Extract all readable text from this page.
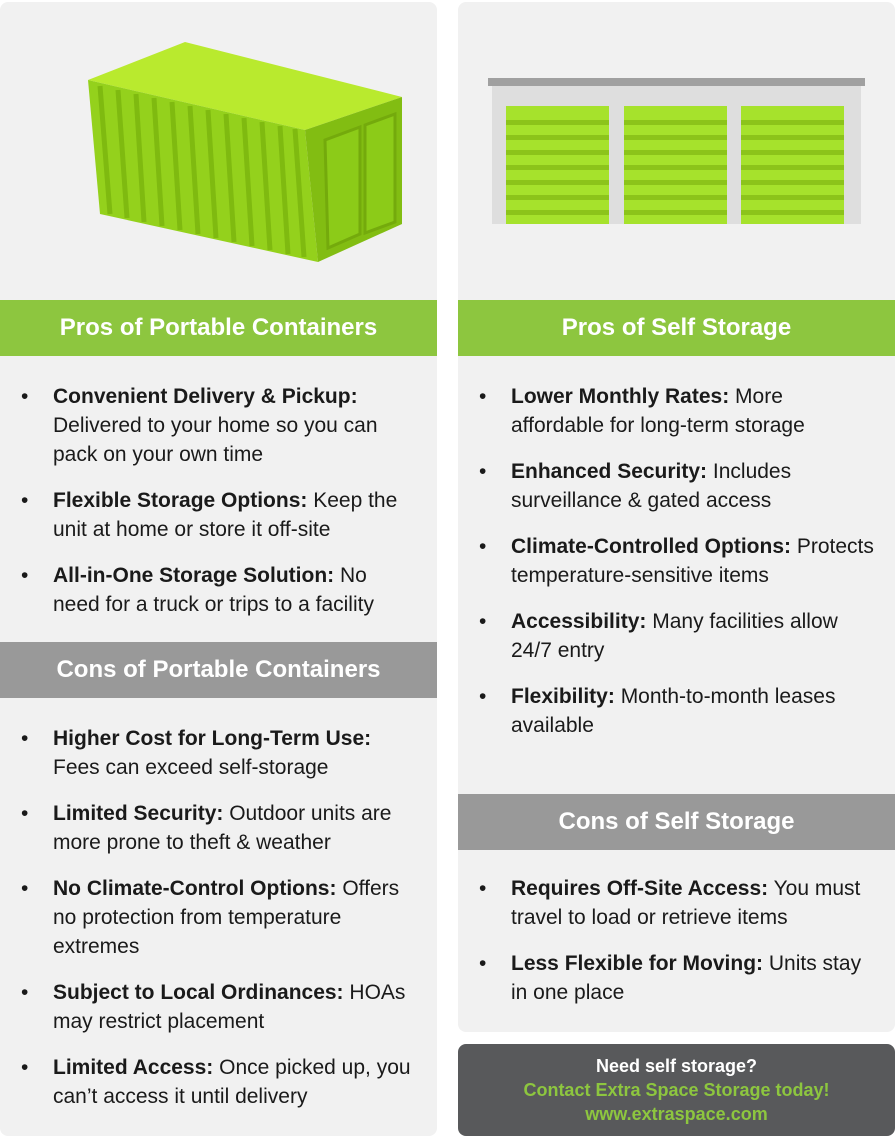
Pros of Portable Containers
• Convenient Delivery & Pickup: Delivered to your home so you can pack on your own time
• Flexible Storage Options: Keep the unit at home or store it off-site
• All-in-One Storage Solution: No need for a truck or trips to a facility
Cons of Portable Containers
• Higher Cost for Long-Term Use: Fees can exceed self-storage
• Limited Security: Outdoor units are more prone to theft & weather
• No Climate-Control Options: Offers no protection from temperature extremes
• Subject to Local Ordinances: HOAs may restrict placement
• Limited Access: Once picked up, you can’t access it until delivery
Pros of Self Storage
• Lower Monthly Rates: More affordable for long-term storage
• Enhanced Security: Includes surveillance & gated access
• Climate-Controlled Options: Protects temperature-sensitive items
• Accessibility: Many facilities allow 24/7 entry
• Flexibility: Month-to-month leases available
Cons of Self Storage
• Requires Off-Site Access: You must travel to load or retrieve items
• Less Flexible for Moving: Units stay in one place
Need self storage?
Contact Extra Space Storage today!
www.extraspace.com
